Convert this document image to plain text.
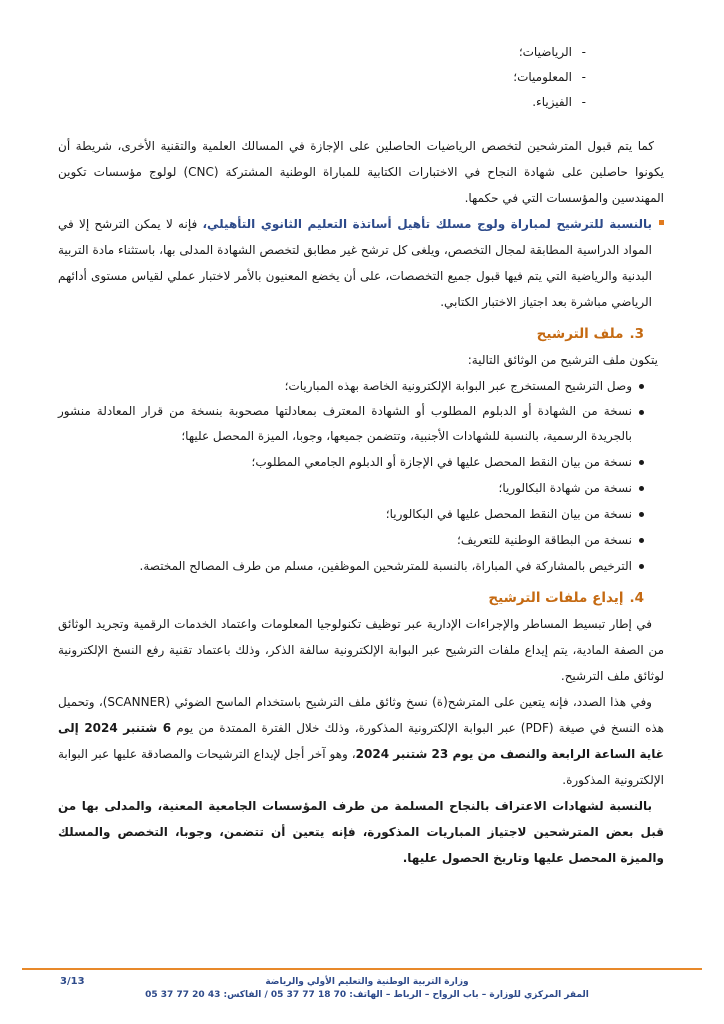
-الرياضيات؛
-المعلوميات؛
-الفيزياء.

كما يتم قبول المترشحين لتخصص الرياضيات الحاصلين على الإجازة في المسالك العلمية والتقنية الأخرى، شريطة أن يكونوا حاصلين على شهادة النجاح في الاختبارات الكتابية للمباراة الوطنية المشتركة (CNC) لولوج مؤسسات تكوين المهندسين والمؤسسات التي في حكمها.

بالنسبة للترشيح لمباراة ولوج مسلك تأهيل أساتذة التعليم الثانوي التأهيلي، فإنه لا يمكن الترشح إلا في المواد الدراسية المطابقة لمجال التخصص، ويلغى كل ترشح غير مطابق لتخصص الشهادة المدلى بها، باستثناء مادة التربية البدنية والرياضية التي يتم فيها قبول جميع التخصصات، على أن يخضع المعنيون بالأمر لاختبار عملي لقياس مستوى أدائهم الرياضي مباشرة بعد اجتياز الاختبار الكتابي.
3.ملف الترشيح

يتكون ملف الترشيح من الوثائق التالية:

وصل الترشيح المستخرج عبر البوابة الإلكترونية الخاصة بهذه المباريات؛
نسخة من الشهادة أو الدبلوم المطلوب أو الشهادة المعترف بمعادلتها مصحوبة بنسخة من قرار المعادلة منشور بالجريدة الرسمية، بالنسبة للشهادات الأجنبية، وتتضمن جميعها، وجوبا، الميزة المحصل عليها؛
نسخة من بيان النقط المحصل عليها في الإجازة أو الدبلوم الجامعي المطلوب؛
نسخة من شهادة البكالوريا؛
نسخة من بيان النقط المحصل عليها في البكالوريا؛
نسخة من البطاقة الوطنية للتعريف؛
الترخيص بالمشاركة في المباراة، بالنسبة للمترشحين الموظفين، مسلم من طرف المصالح المختصة.
4.إيداع ملفات الترشيح

في إطار تبسيط المساطر والإجراءات الإدارية عبر توظيف تكنولوجيا المعلومات واعتماد الخدمات الرقمية وتجريد الوثائق من الصفة المادية، يتم إيداع ملفات الترشيح عبر البوابة الإلكترونية سالفة الذكر، وذلك باعتماد تقنية رفع النسخ الإلكترونية لوثائق ملف الترشيح.

وفي هذا الصدد، فإنه يتعين على المترشح(ة) نسخ وثائق ملف الترشيح باستخدام الماسح الضوئي (SCANNER)، وتحميل هذه النسخ في صيغة (PDF) عبر البوابة الإلكترونية المذكورة، وذلك خلال الفترة الممتدة من يوم 6 شتنبر 2024 إلى غاية الساعة الرابعة والنصف من يوم 23 شتنبر 2024، وهو آخر أجل لإيداع الترشيحات والمصادقة عليها عبر البوابة الإلكترونية المذكورة.

بالنسبة لشهادات الاعتراف بالنجاح المسلمة من طرف المؤسسات الجامعية المعنية، والمدلى بها من قبل بعض المترشحين لاجتياز المباريات المذكورة، فإنه يتعين أن تتضمن، وجوبا، التخصص والمسلك والميزة المحصل عليها وتاريخ الحصول عليها.

وزارة التربية الوطنية والتعليم الأولي والرياضة
المقر المركزي للوزارة – باب الرواح – الرباط – الهاتف: 70 18 77 37 05 / الفاكس: 43 20 77 37 05
3/13
